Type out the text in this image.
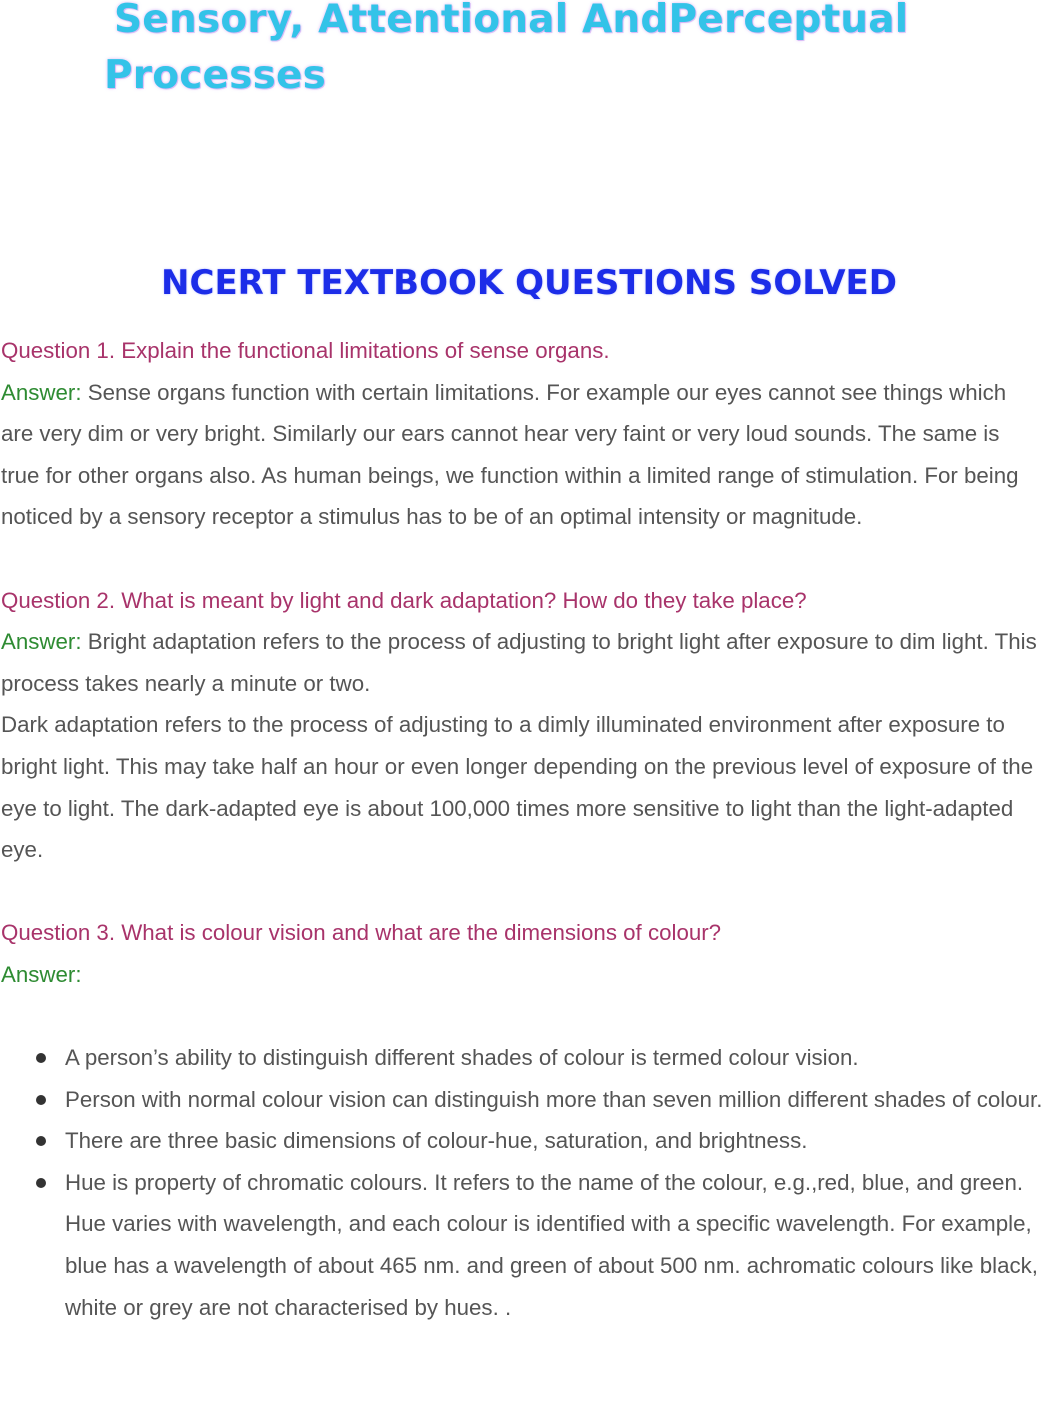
Sensory, Attentional AndPerceptual
Processes
NCERT TEXTBOOK QUESTIONS SOLVED

Question 1. Explain the functional limitations of sense organs.

Answer: Sense organs function with certain limitations. For example our eyes cannot see things which are very dim or very bright. Similarly our ears cannot hear very faint or very loud sounds. The same is true for other organs also. As human beings, we function within a limited range of stimulation. For being noticed by a sensory receptor a stimulus has to be of an optimal intensity or magnitude.

Question 2. What is meant by light and dark adaptation? How do they take place?

Answer: Bright adaptation refers to the process of adjusting to bright light after exposure to dim light. This process takes nearly a minute or two.

Dark adaptation refers to the process of adjusting to a dimly illuminated environment after exposure to bright light. This may take half an hour or even longer depending on the previous level of exposure of the eye to light. The dark-adapted eye is about 100,000 times more sensitive to light than the light-adapted eye.

Question 3. What is colour vision and what are the dimensions of colour?

Answer:

A person’s ability to distinguish different shades of colour is termed colour vision.
Person with normal colour vision can distinguish more than seven million different shades of colour.
There are three basic dimensions of colour-hue, saturation, and brightness.
Hue is property of chromatic colours. It refers to the name of the colour, e.g.,red, blue, and green. Hue varies with wavelength, and each colour is identified with a specific wavelength. For example, blue has a wavelength of about 465 nm. and green of about 500 nm. achromatic colours like black, white or grey are not characterised by hues. .
